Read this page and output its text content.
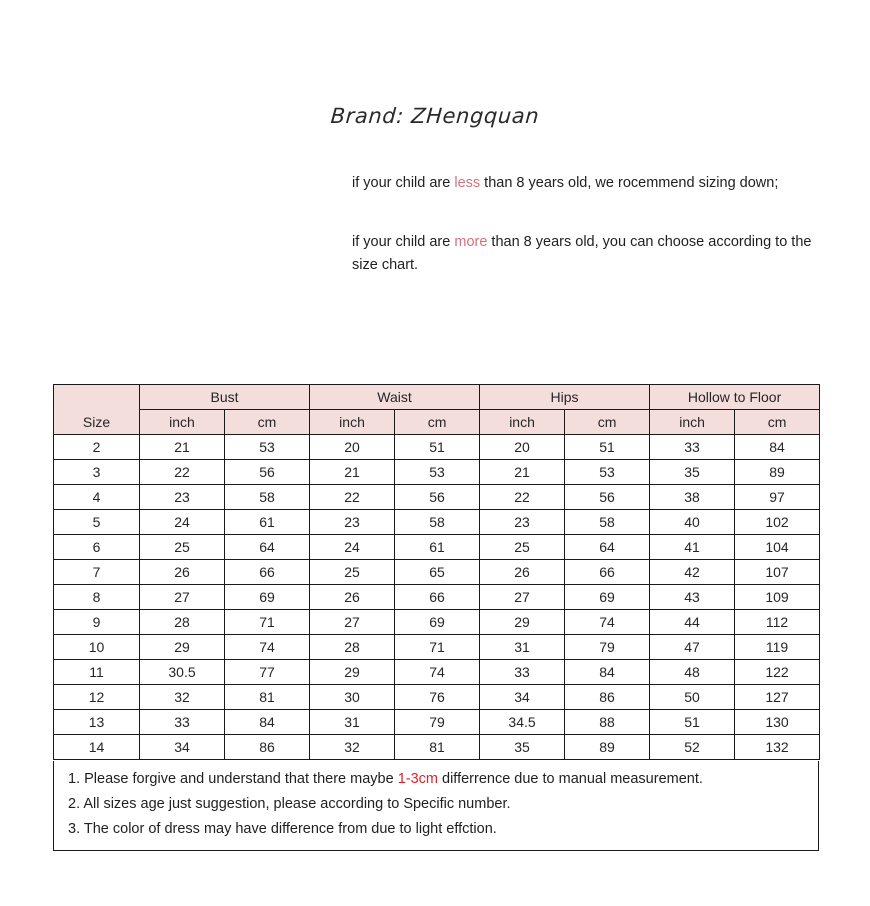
Brand: ZHengquan

if your child are less than 8 years old, we rocemmend sizing down;

if your child are more than 8 years old, you can choose according to the size chart.

Size	Bust		Waist		Hips		Hollow to Floor	
	inch	cm	inch	cm	inch	cm	inch	cm
2	21	53	20	51	20	51	33	84
3	22	56	21	53	21	53	35	89
4	23	58	22	56	22	56	38	97
5	24	61	23	58	23	58	40	102
6	25	64	24	61	25	64	41	104
7	26	66	25	65	26	66	42	107
8	27	69	26	66	27	69	43	109
9	28	71	27	69	29	74	44	112
10	29	74	28	71	31	79	47	119
11	30.5	77	29	74	33	84	48	122
12	32	81	30	76	34	86	50	127
13	33	84	31	79	34.5	88	51	130
14	34	86	32	81	35	89	52	132
1. Please forgive and understand that there maybe 1-3cm differrence due to manual measurement.
2. All sizes age just suggestion, please according to Specific number.
3. The color of dress may have difference from due to light effction.
